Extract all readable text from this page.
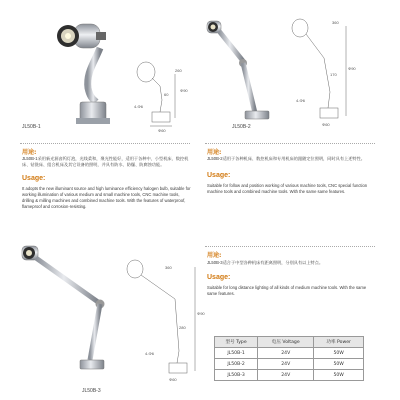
JL50B-1
260
60
4-Φ6
Φ60
Φ90
JL50B-2
360
170
4-Φ6
Φ60
Φ90
用途:
JL50B-1采用新光源卤钨灯泡，光线柔和，聚光性能好，适用于各种中、小型机床、数控机床、钻铣床、组合机床及其它设备的照明，并具有防水、防爆、防腐蚀功能。
Usage:
It adopts the new illuminant source and high luminance efficiency halogen bulb, suitable for working illumination of various medium and small machine tools, CNC machine tools, drilling & milling machines and combined machine tools. With the features of waterproof, flameproof and corrosion-resisting.
用途:
JL50B-2适用于各种机床、数控机床和专用机床的跟随定位照明，同时具有上述特性。
Usage:
Suitable for follow and position working of various machine tools, CNC special function machine tools and combined machine tools. With the same same features.
JL50B-3
360
280
4-Φ6
Φ60
Φ90
用途:
JL50B-3适合于中型各种机床有距离照明，分别具有以上特点。
Usage:
Suitable for long distance lighting of all kinds of medium machine tools. With the same same features.
型号 Type	电压 Voltage	功率 Power
JL50B-1	24V	50W
JL50B-2	24V	50W
JL50B-3	24V	50W
